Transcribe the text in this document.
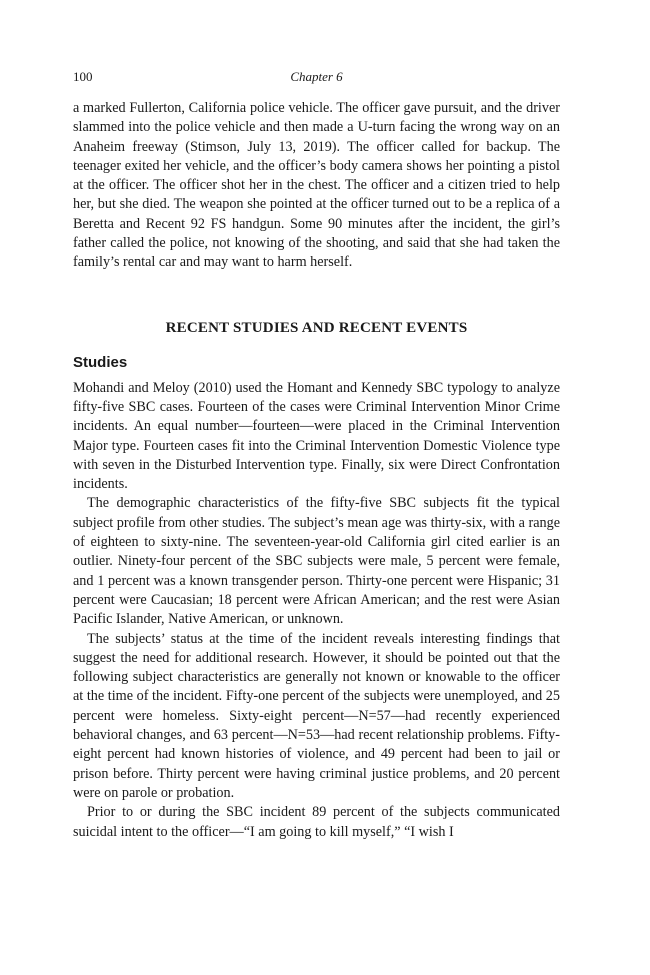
100	Chapter 6

a marked Fullerton, California police vehicle. The officer gave pursuit, and the driver slammed into the police vehicle and then made a U-turn facing the wrong way on an Anaheim freeway (Stimson, July 13, 2019). The officer called for backup. The teenager exited her vehicle, and the officer’s body camera shows her pointing a pistol at the officer. The officer shot her in the chest. The officer and a citizen tried to help her, but she died. The weapon she pointed at the officer turned out to be a replica of a Beretta and Recent 92 FS handgun. Some 90 minutes after the incident, the girl’s father called the police, not knowing of the shooting, and said that she had taken the family’s rental car and may want to harm herself.

RECENT STUDIES AND RECENT EVENTS
Studies

Mohandi and Meloy (2010) used the Homant and Kennedy SBC typology to analyze fifty-five SBC cases. Fourteen of the cases were Criminal Intervention Minor Crime incidents. An equal number—fourteen—were placed in the Criminal Intervention Major type. Fourteen cases fit into the Criminal Intervention Domestic Violence type with seven in the Disturbed Intervention type. Finally, six were Direct Confrontation incidents.

The demographic characteristics of the fifty-five SBC subjects fit the typical subject profile from other studies. The subject’s mean age was thirty-six, with a range of eighteen to sixty-nine. The seventeen-year-old California girl cited earlier is an outlier. Ninety-four percent of the SBC subjects were male, 5 percent were female, and 1 percent was a known transgender person. Thirty-one percent were Hispanic; 31 percent were Caucasian; 18 percent were African American; and the rest were Asian Pacific Islander, Native American, or unknown.

The subjects’ status at the time of the incident reveals interesting findings that suggest the need for additional research. However, it should be pointed out that the following subject characteristics are generally not known or knowable to the officer at the time of the incident. Fifty-one percent of the subjects were unemployed, and 25 percent were homeless. Sixty-eight percent—N=57—had recently experienced behavioral changes, and 63 percent—N=53—had recent relationship problems. Fifty-eight percent had known histories of violence, and 49 percent had been to jail or prison before. Thirty percent were having criminal justice problems, and 20 percent were on parole or probation.

Prior to or during the SBC incident 89 percent of the subjects communicated suicidal intent to the officer—“I am going to kill myself,” “I wish I
